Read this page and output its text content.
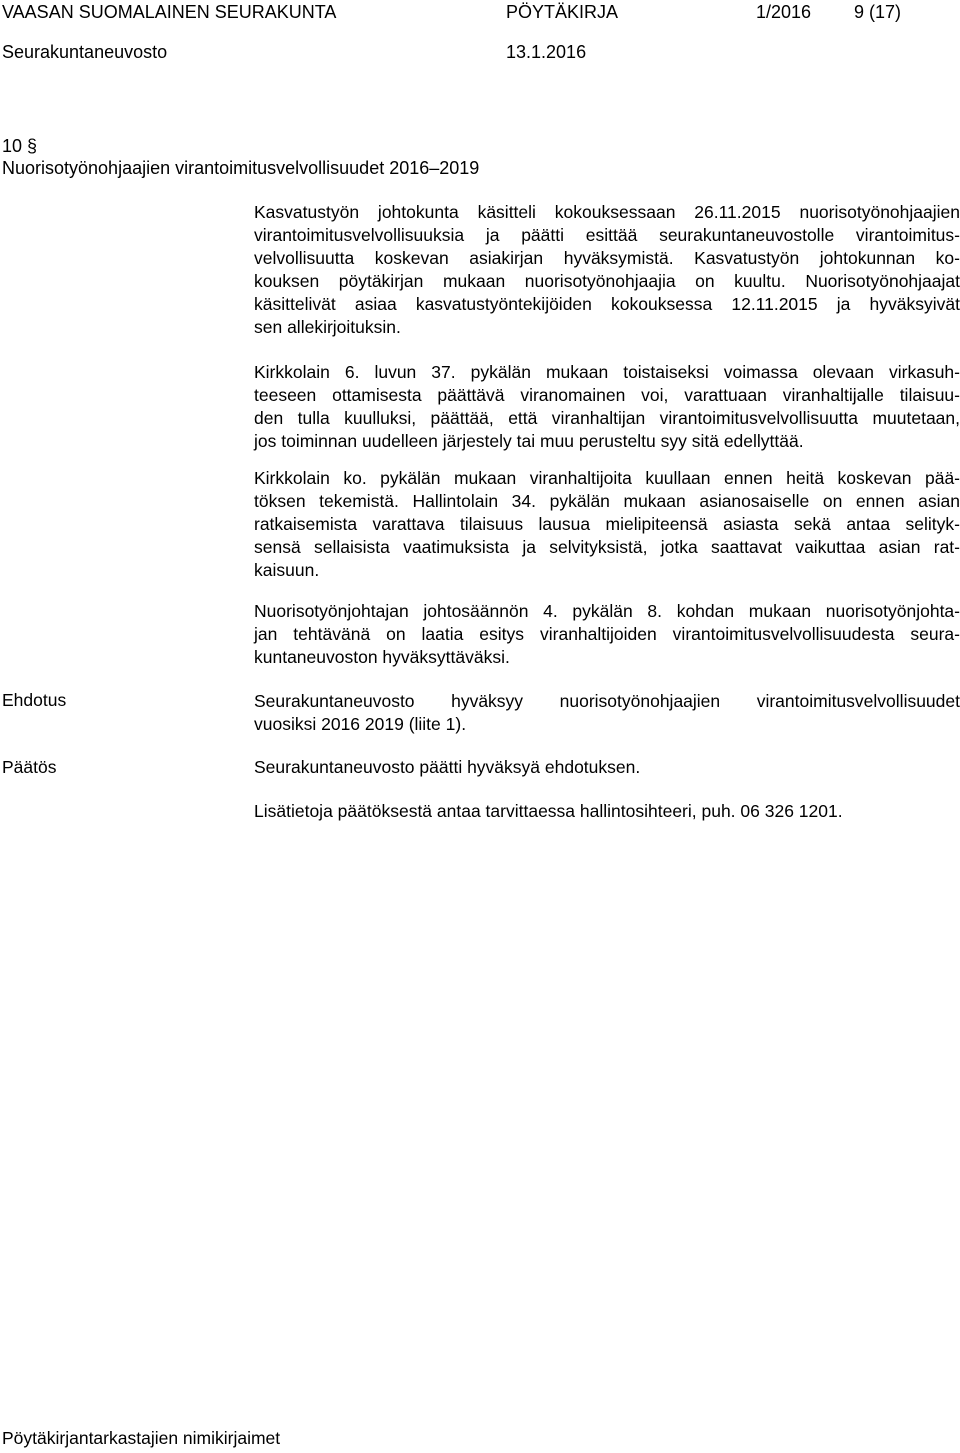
VAASAN SUOMALAINEN SEURAKUNTA	PÖYTÄKIRJA	1/2016 9 (17)
Seurakuntaneuvosto	13.1.2016
10 §
Nuorisotyönohjaajien virantoimitusvelvollisuudet 2016–2019

Kasvatustyön johtokunta käsitteli kokouksessaan 26.11.2015 nuorisotyönohjaajien
virantoimitusvelvollisuuksia ja päätti esittää seurakuntaneuvostolle virantoimitus-
velvollisuutta koskevan asiakirjan hyväksymistä. Kasvatustyön johtokunnan ko-
kouksen pöytäkirjan mukaan nuorisotyönohjaajia on kuultu. Nuorisotyönohjaajat
käsittelivät asiaa kasvatustyöntekijöiden kokouksessa 12.11.2015 ja hyväksyivät
sen allekirjoituksin.

Kirkkolain 6. luvun 37. pykälän mukaan toistaiseksi voimassa olevaan virkasuh-
teeseen ottamisesta päättävä viranomainen voi, varattuaan viranhaltijalle tilaisuu-
den tulla kuulluksi, päättää, että viranhaltijan virantoimitusvelvollisuutta muutetaan,
jos toiminnan uudelleen järjestely tai muu perusteltu syy sitä edellyttää.

Kirkkolain ko. pykälän mukaan viranhaltijoita kuullaan ennen heitä koskevan pää-
töksen tekemistä. Hallintolain 34. pykälän mukaan asianosaiselle on ennen asian
ratkaisemista varattava tilaisuus lausua mielipiteensä asiasta sekä antaa selityk-
sensä sellaisista vaatimuksista ja selvityksistä, jotka saattavat vaikuttaa asian rat-
kaisuun.

Nuorisotyönjohtajan johtosäännön 4. pykälän 8. kohdan mukaan nuorisotyönjohta-
jan tehtävänä on laatia esitys viranhaltijoiden virantoimitusvelvollisuudesta seura-
kuntaneuvoston hyväksyttäväksi.

Ehdotus	Seurakuntaneuvosto hyväksyy nuorisotyönohjaajien virantoimitusvelvollisuudet
vuosiksi 2016 2019 (liite 1).

Päätös	Seurakuntaneuvosto päätti hyväksyä ehdotuksen.
Lisätietoja päätöksestä antaa tarvittaessa hallintosihteeri, puh. 06 326 1201.
Pöytäkirjantarkastajien nimikirjaimet
